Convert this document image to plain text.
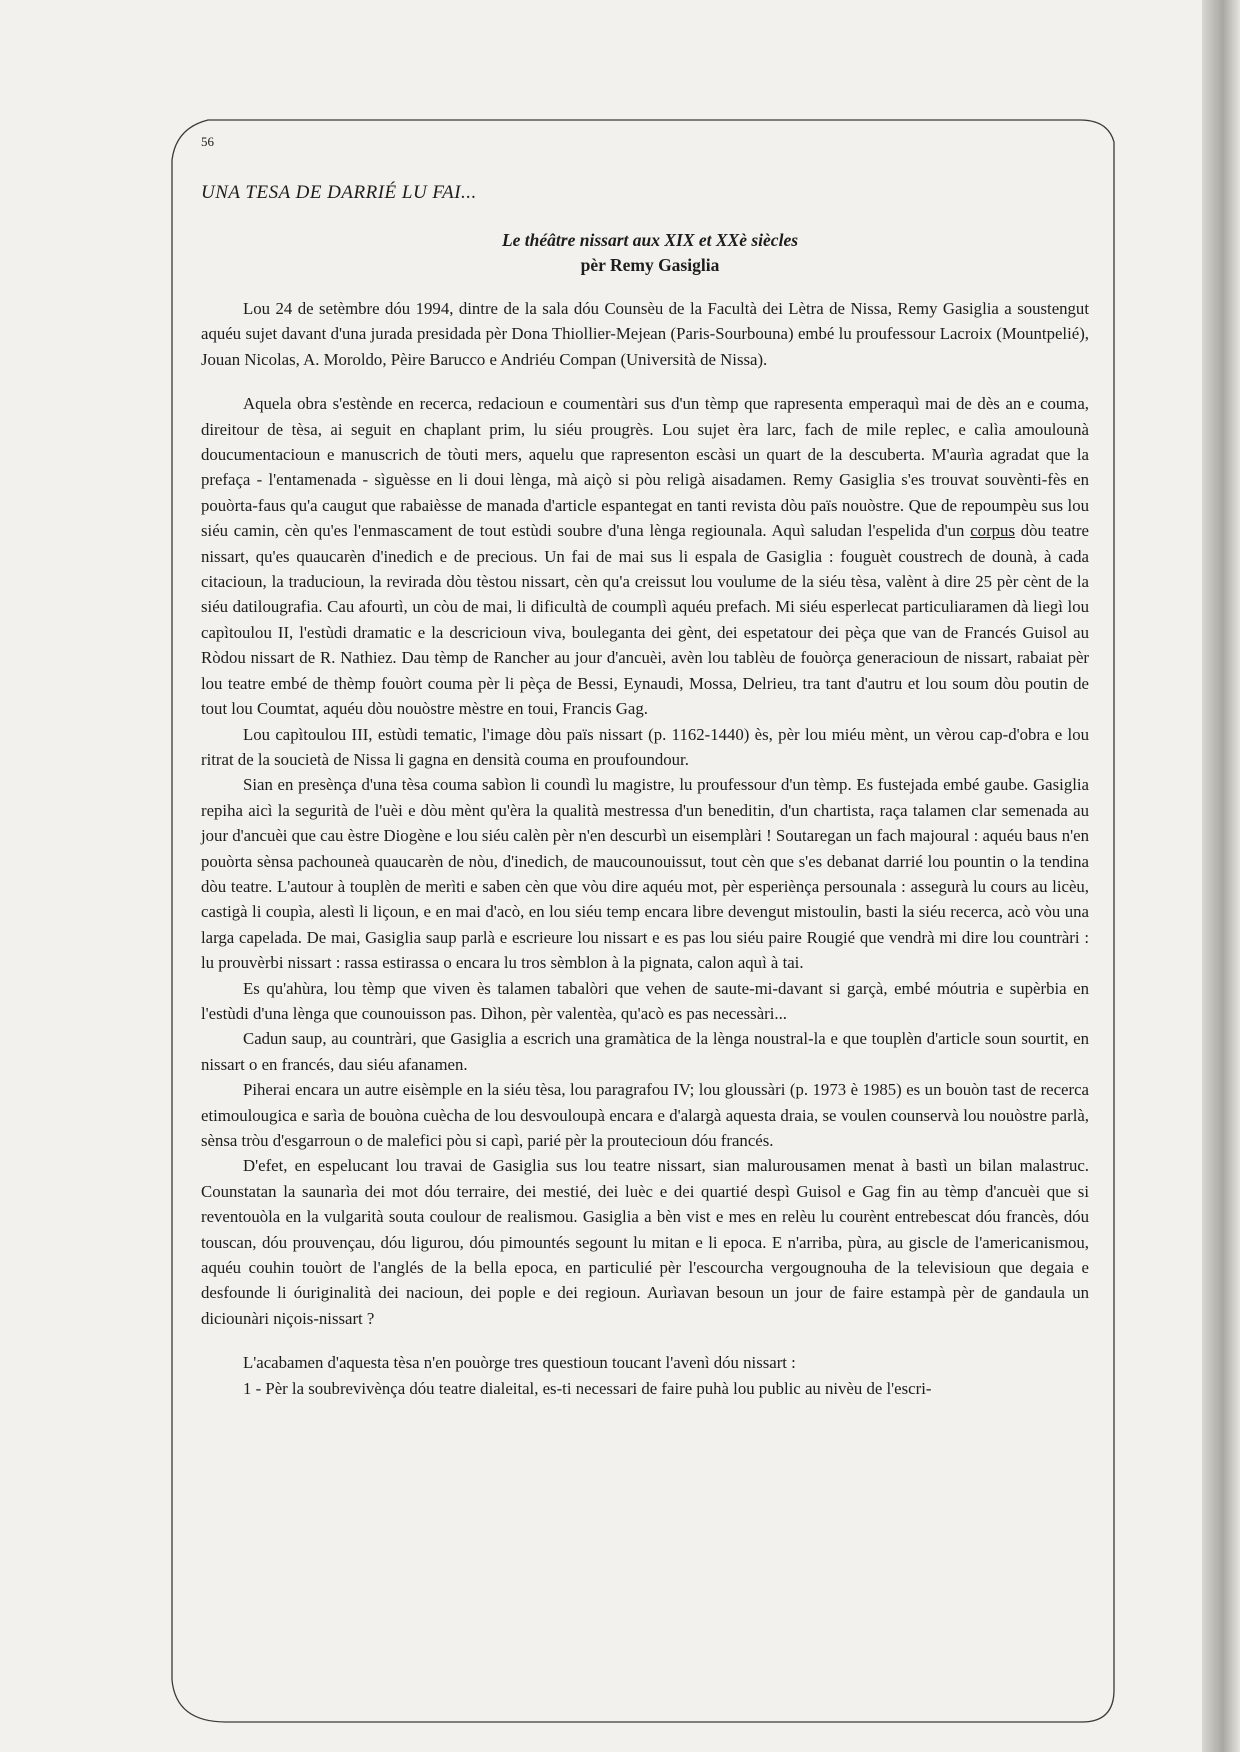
56
UNA TESA DE DARRIÉ LU FAI...
Le théâtre nissart aux XIX et XXè siècles
pèr Remy Gasiglia

Lou 24 de setèmbre dóu 1994, dintre de la sala dóu Counsèu de la Facultà dei Lètra de Nissa, Remy Gasiglia a soustengut aquéu sujet davant d'una jurada presidada pèr Dona Thiollier-Mejean (Paris-Sourbouna) embé lu proufessour Lacroix (Mountpelié), Jouan Nicolas, A. Moroldo, Pèire Barucco e Andriéu Compan (Università de Nissa).

Aquela obra s'estènde en recerca, redacioun e coumentàri sus d'un tèmp que rapresenta emperaquì mai de dès an e couma, direitour de tèsa, ai seguit en chaplant prim, lu siéu prougrès. Lou sujet èra larc, fach de mile replec, e calìa amoulounà doucumentacioun e manuscrich de tòuti mers, aquelu que rapresenton escàsi un quart de la descuberta. M'aurìa agradat que la prefaça - l'entamenada - sìguèsse en li doui lènga, mà aiçò si pòu religà aisadamen. Remy Gasiglia s'es trouvat souvènti-fès en pouòrta-faus qu'a caugut que rabaièsse de manada d'article espantegat en tanti revista dòu païs nouòstre. Que de repoumpèu sus lou siéu camin, cèn qu'es l'enmascament de tout estùdi soubre d'una lènga regiounala. Aquì saludan l'espelida d'un corpus dòu teatre nissart, qu'es quaucarèn d'inedich e de precious. Un fai de mai sus li espala de Gasiglia : fouguèt coustrech de dounà, à cada citacioun, la traducioun, la revirada dòu tèstou nissart, cèn qu'a creissut lou voulume de la siéu tèsa, valènt à dire 25 pèr cènt de la siéu datilougrafia. Cau afourtì, un còu de mai, li dificultà de coumplì aquéu prefach. Mi siéu esperlecat particuliaramen dà liegì lou capìtoulou II, l'estùdi dramatic e la descricioun viva, bouleganta dei gènt, dei espetatour dei pèça que van de Francés Guisol au Ròdou nissart de R. Nathiez. Dau tèmp de Rancher au jour d'ancuèi, avèn lou tablèu de fouòrça generacioun de nissart, rabaiat pèr lou teatre embé de thèmp fouòrt couma pèr li pèça de Bessi, Eynaudi, Mossa, Delrieu, tra tant d'autru et lou soum dòu poutin de tout lou Coumtat, aquéu dòu nouòstre mèstre en toui, Francis Gag.

Lou capìtoulou III, estùdi tematic, l'image dòu païs nissart (p. 1162-1440) ès, pèr lou miéu mènt, un vèrou cap-d'obra e lou ritrat de la soucietà de Nissa li gagna en densità couma en proufoundour.

Sian en presènça d'una tèsa couma sabìon li coundì lu magistre, lu proufessour d'un tèmp. Es fustejada embé gaube. Gasiglia repiha aicì la segurità de l'uèi e dòu mènt qu'èra la qualità mestressa d'un beneditin, d'un chartista, raça talamen clar semenada au jour d'ancuèi que cau èstre Diogène e lou siéu calèn pèr n'en descurbì un eisemplàri ! Soutaregan un fach majoural : aquéu baus n'en pouòrta sènsa pachouneà quaucarèn de nòu, d'inedich, de maucounouissut, tout cèn que s'es debanat darrié lou pountin o la tendina dòu teatre. L'autour à touplèn de merìti e saben cèn que vòu dire aquéu mot, pèr esperiènça persounala : assegurà lu cours au licèu, castigà li coupìa, alestì li liçoun, e en mai d'acò, en lou siéu temp encara libre devengut mistoulin, basti la siéu recerca, acò vòu una larga capelada. De mai, Gasiglia saup parlà e escrieure lou nissart e es pas lou siéu paire Rougié que vendrà mi dire lou countràri : lu prouvèrbi nissart : rassa estirassa o encara lu tros sèmblon à la pignata, calon aquì à tai.

Es qu'ahùra, lou tèmp que viven ès talamen tabalòri que vehen de saute-mi-davant si garçà, embé móutria e supèrbia en l'estùdi d'una lènga que counouisson pas. Dìhon, pèr valentèa, qu'acò es pas necessàri...

Cadun saup, au countràri, que Gasiglia a escrich una gramàtica de la lènga noustral-la e que touplèn d'article soun sourtit, en nissart o en francés, dau siéu afanamen.

Piherai encara un autre eisèmple en la siéu tèsa, lou paragrafou IV; lou gloussàri (p. 1973 è 1985) es un bouòn tast de recerca etimoulougica e sarìa de bouòna cuècha de lou desvouloupà encara e d'alargà aquesta draia, se voulen counservà lou nouòstre parlà, sènsa tròu d'esgarroun o de malefici pòu si capì, parié pèr la proutecioun dóu francés.

D'efet, en espelucant lou travai de Gasiglia sus lou teatre nissart, sian malurousamen menat à bastì un bilan malastruc. Counstatan la saunarìa dei mot dóu terraire, dei mestié, dei luèc e dei quartié despì Guisol e Gag fin au tèmp d'ancuèi que si reventouòla en la vulgarità souta coulour de realismou. Gasiglia a bèn vist e mes en relèu lu courènt entrebescat dóu francès, dóu touscan, dóu prouvençau, dóu ligurou, dóu pimountés segount lu mitan e li epoca. E n'arriba, pùra, au giscle de l'americanismou, aquéu couhin touòrt de l'anglés de la bella epoca, en particulié pèr l'escourcha vergougnouha de la televisioun que degaia e desfounde li óuriginalità dei nacioun, dei pople e dei regioun. Aurìavan besoun un jour de faire estampà pèr de gandaula un diciounàri niçois-nissart ?

L'acabamen d'aquesta tèsa n'en pouòrge tres questioun toucant l'avenì dóu nissart :

1 - Pèr la soubrevivènça dóu teatre dialeital, es-ti necessari de faire puhà lou public au nivèu de l'escri-
